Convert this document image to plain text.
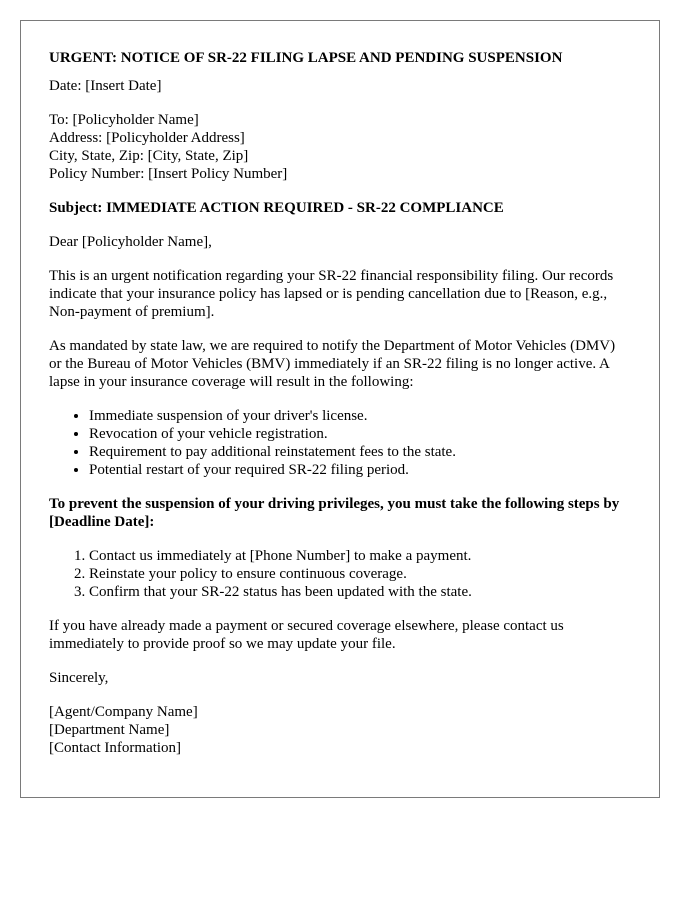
URGENT: NOTICE OF SR-22 FILING LAPSE AND PENDING SUSPENSION

Date: [Insert Date]

To: [Policyholder Name]
Address: [Policyholder Address]
City, State, Zip: [City, State, Zip]
Policy Number: [Insert Policy Number]

Subject: IMMEDIATE ACTION REQUIRED - SR-22 COMPLIANCE

Dear [Policyholder Name],

This is an urgent notification regarding your SR-22 financial responsibility filing. Our records indicate that your insurance policy has lapsed or is pending cancellation due to [Reason, e.g., Non-payment of premium].

As mandated by state law, we are required to notify the Department of Motor Vehicles (DMV) or the Bureau of Motor Vehicles (BMV) immediately if an SR-22 filing is no longer active. A lapse in your insurance coverage will result in the following:

• Immediate suspension of your driver's license.
• Revocation of your vehicle registration.
• Requirement to pay additional reinstatement fees to the state.
• Potential restart of your required SR-22 filing period.

To prevent the suspension of your driving privileges, you must take the following steps by [Deadline Date]:

1. Contact us immediately at [Phone Number] to make a payment.
2. Reinstate your policy to ensure continuous coverage.
3. Confirm that your SR-22 status has been updated with the state.

If you have already made a payment or secured coverage elsewhere, please contact us immediately to provide proof so we may update your file.

Sincerely,

[Agent/Company Name]
[Department Name]
[Contact Information]
